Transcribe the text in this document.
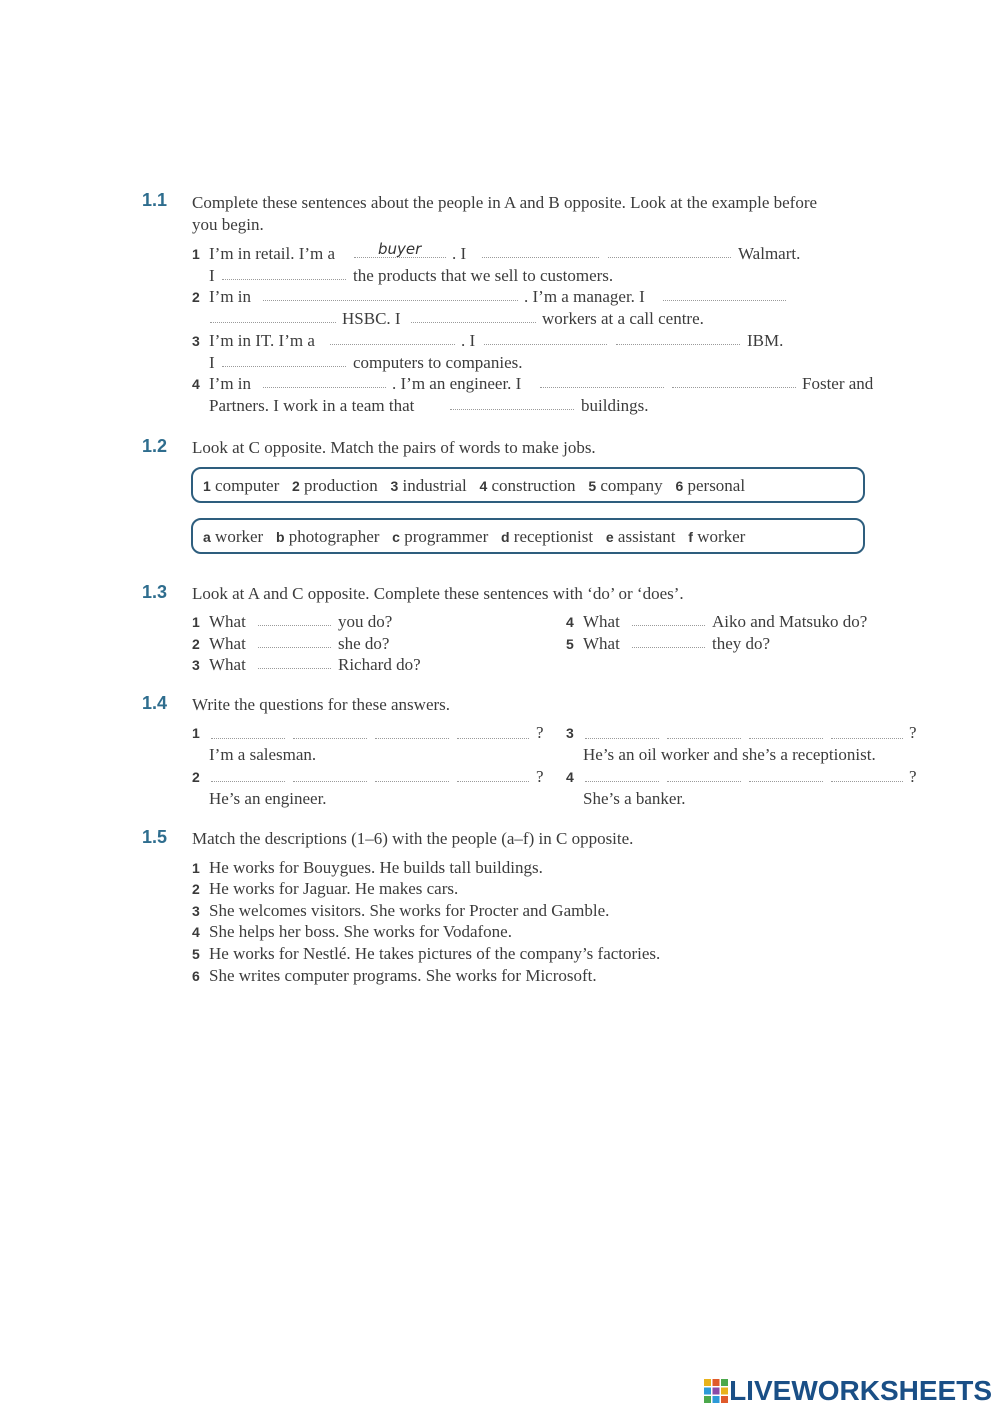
1.1 Complete these sentences about the people in A and B opposite. Look at the example before
you begin.
1 I’m in retail. I’m a	buyer . I	Walmart.
I	the products that we sell to customers.
2 I’m in	. I’m a manager. I
HSBC. I	workers at a call centre.
3 I’m in IT. I’m a	. I	IBM.
I	computers to companies.
4 I’m in	. I’m an engineer. I	Foster and
Partners. I work in a team that	buildings.
1.2 Look at C opposite. Match the pairs of words to make jobs.
1 computer 2 production 3 industrial 4 construction 5 company 6 personal
a worker b photographer c programmer d receptionist e assistant f worker
1.3 Look at A and C opposite. Complete these sentences with ‘do’ or ‘does’.
1 What	you do?
2 What	she do?
3 What	Richard do?
4 What	Aiko and Matsuko do?
5 What	they do?
1.4 Write the questions for these answers.
1	?
I’m a salesman.
2	?
He’s an engineer.
3	?
He’s an oil worker and she’s a receptionist.
4	?
She’s a banker.
1.5 Match the descriptions (1–6) with the people (a–f) in C opposite.
1 He works for Bouygues. He builds tall buildings.
2 He works for Jaguar. He makes cars.
3 She welcomes visitors. She works for Procter and Gamble.
4 She helps her boss. She works for Vodafone.
5 He works for Nestlé. He takes pictures of the company’s factories.
6 She writes computer programs. She works for Microsoft.
LIVEWORKSHEETS
